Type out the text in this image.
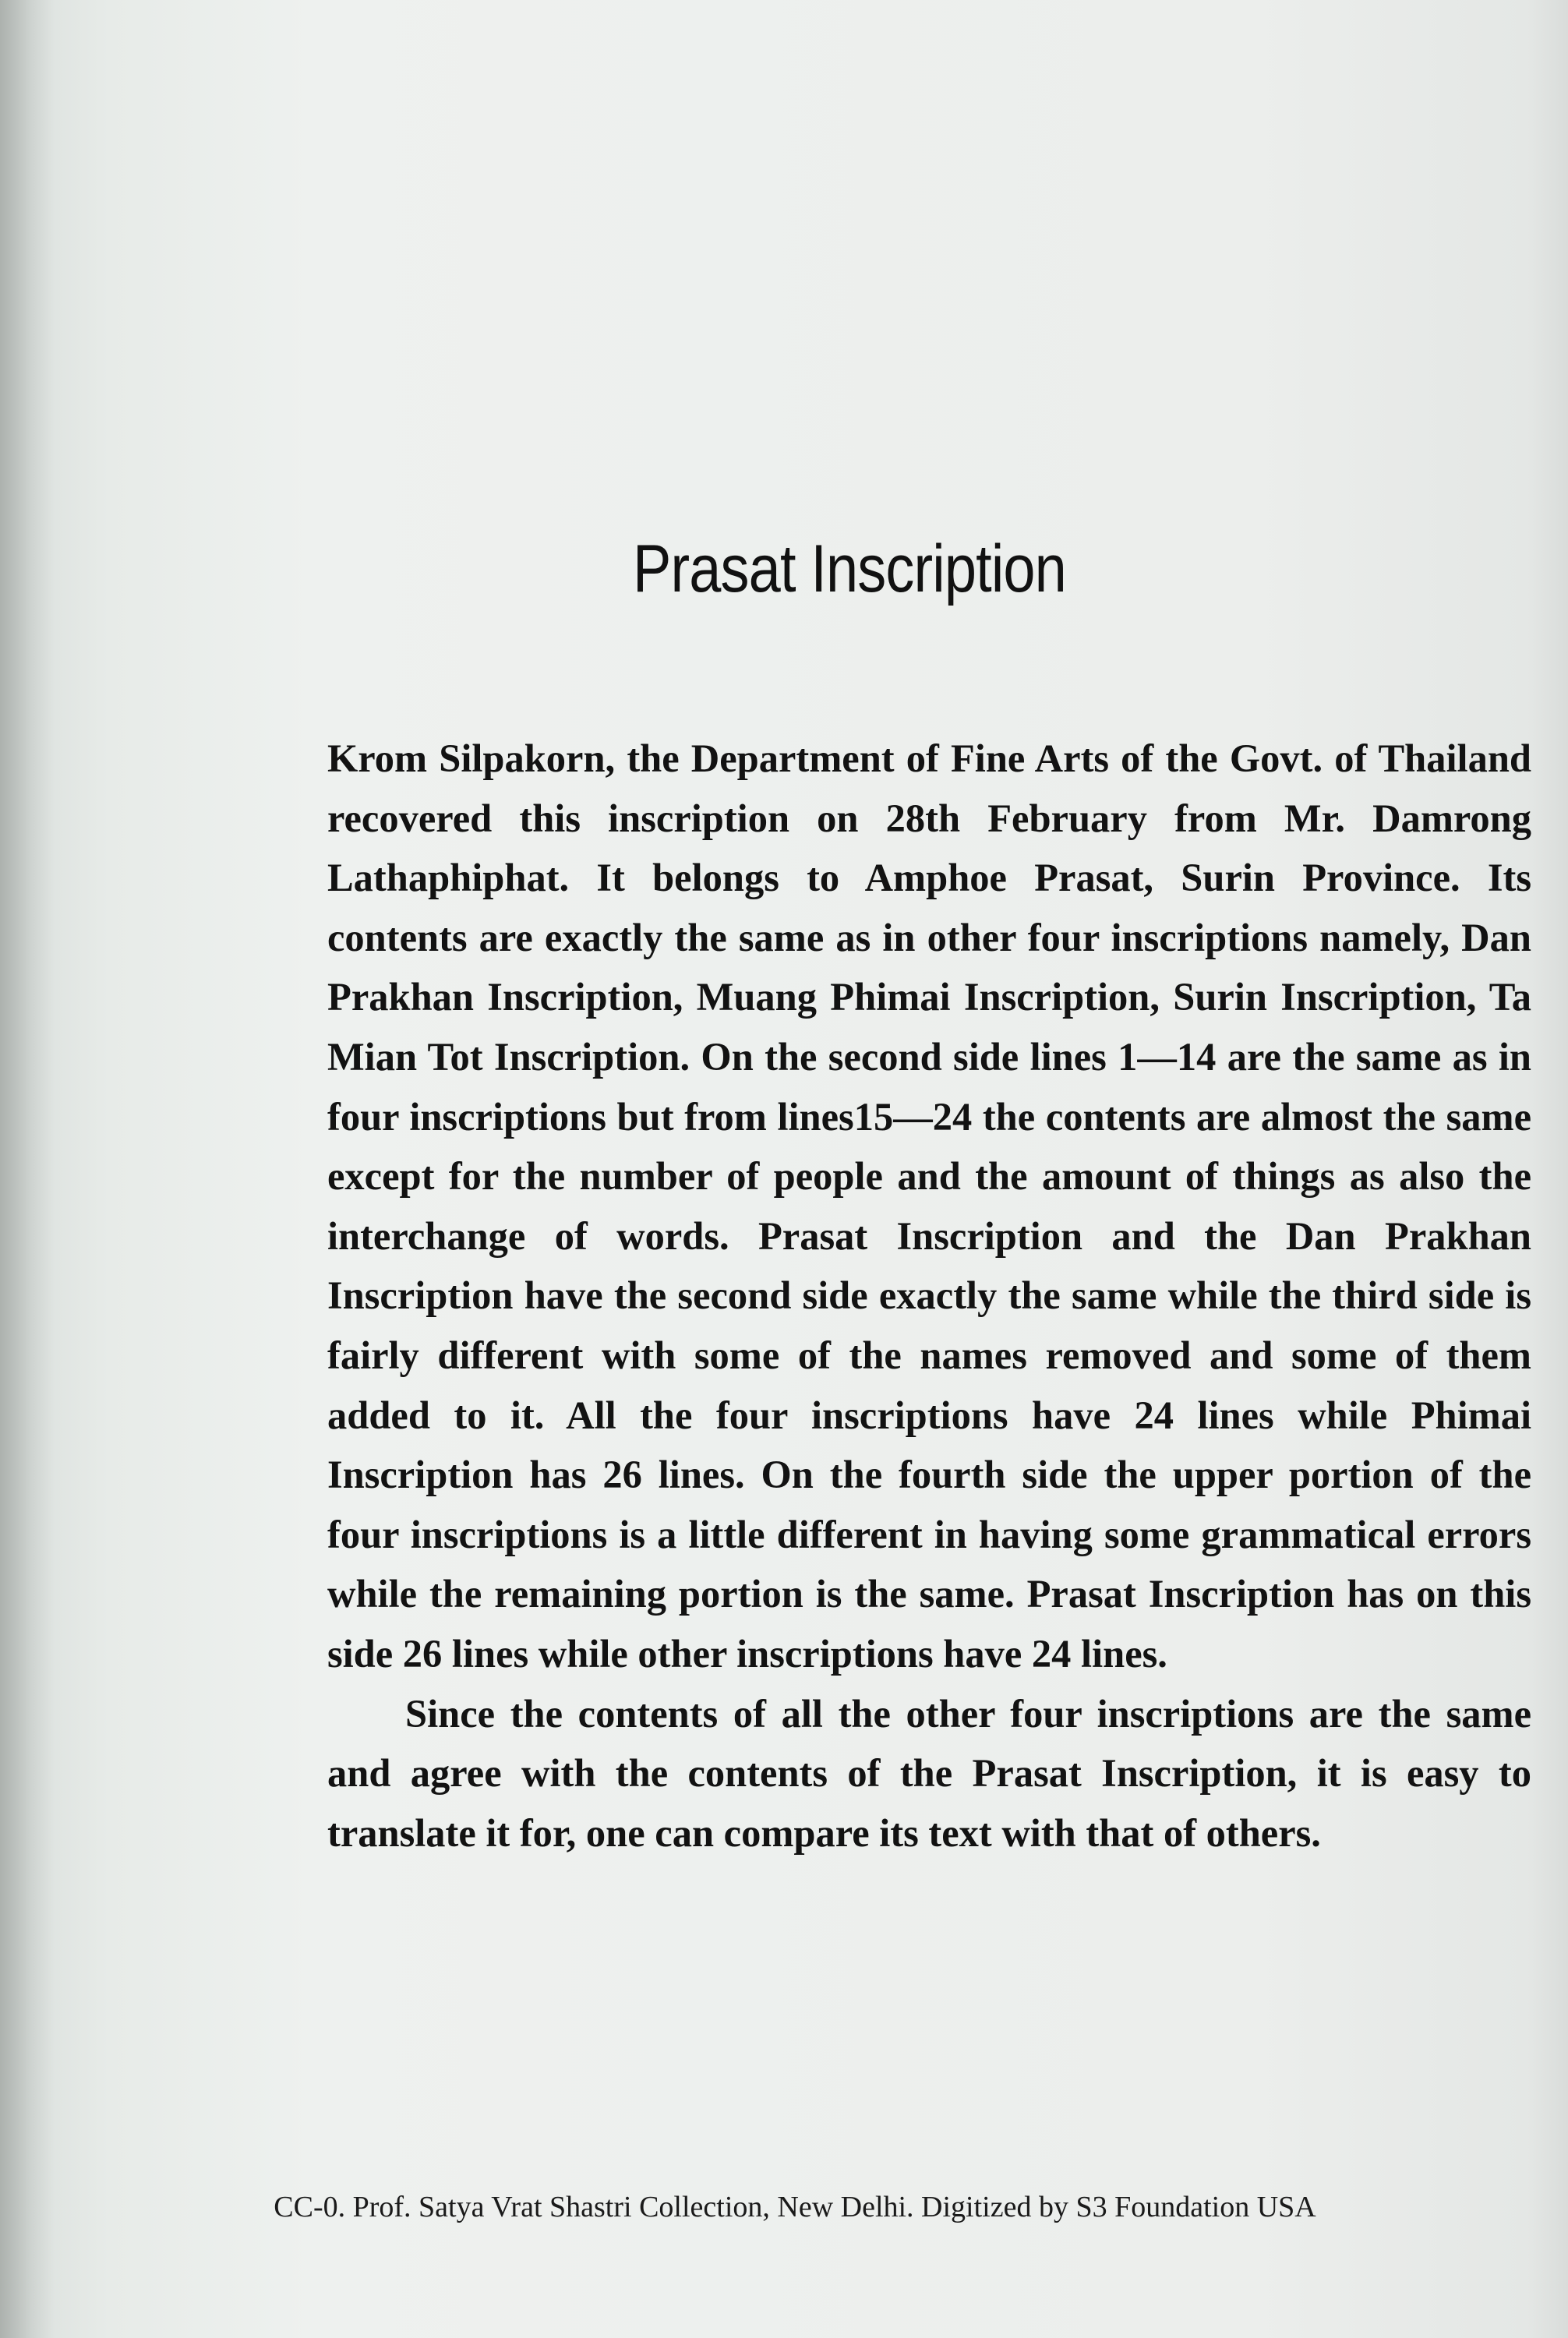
Prasat Inscription

Krom Silpakorn, the Department of Fine Arts of the Govt. of Thailand recovered this inscription on 28th February from Mr. Damrong Lathaphiphat. It belongs to Amphoe Prasat, Surin Province. Its contents are exactly the same as in other four inscriptions namely, Dan Prakhan Inscription, Muang Phimai Inscription, Surin Inscription, Ta Mian Tot Inscription. On the second side lines 1—14 are the same as in four inscriptions but from lines15—24 the contents are almost the same except for the number of people and the amount of things as also the interchange of words. Prasat Inscription and the Dan Prakhan Inscription have the second side exactly the same while the third side is fairly different with some of the names removed and some of them added to it. All the four inscriptions have 24 lines while Phimai Inscription has 26 lines. On the fourth side the upper portion of the four inscriptions is a little different in having some grammatical errors while the remaining portion is the same. Prasat Inscription has on this side 26 lines while other inscriptions have 24 lines.

Since the contents of all the other four inscriptions are the same and agree with the contents of the Prasat Inscription, it is easy to translate it for, one can compare its text with that of others.

CC-0. Prof. Satya Vrat Shastri Collection, New Delhi. Digitized by S3 Foundation USA
